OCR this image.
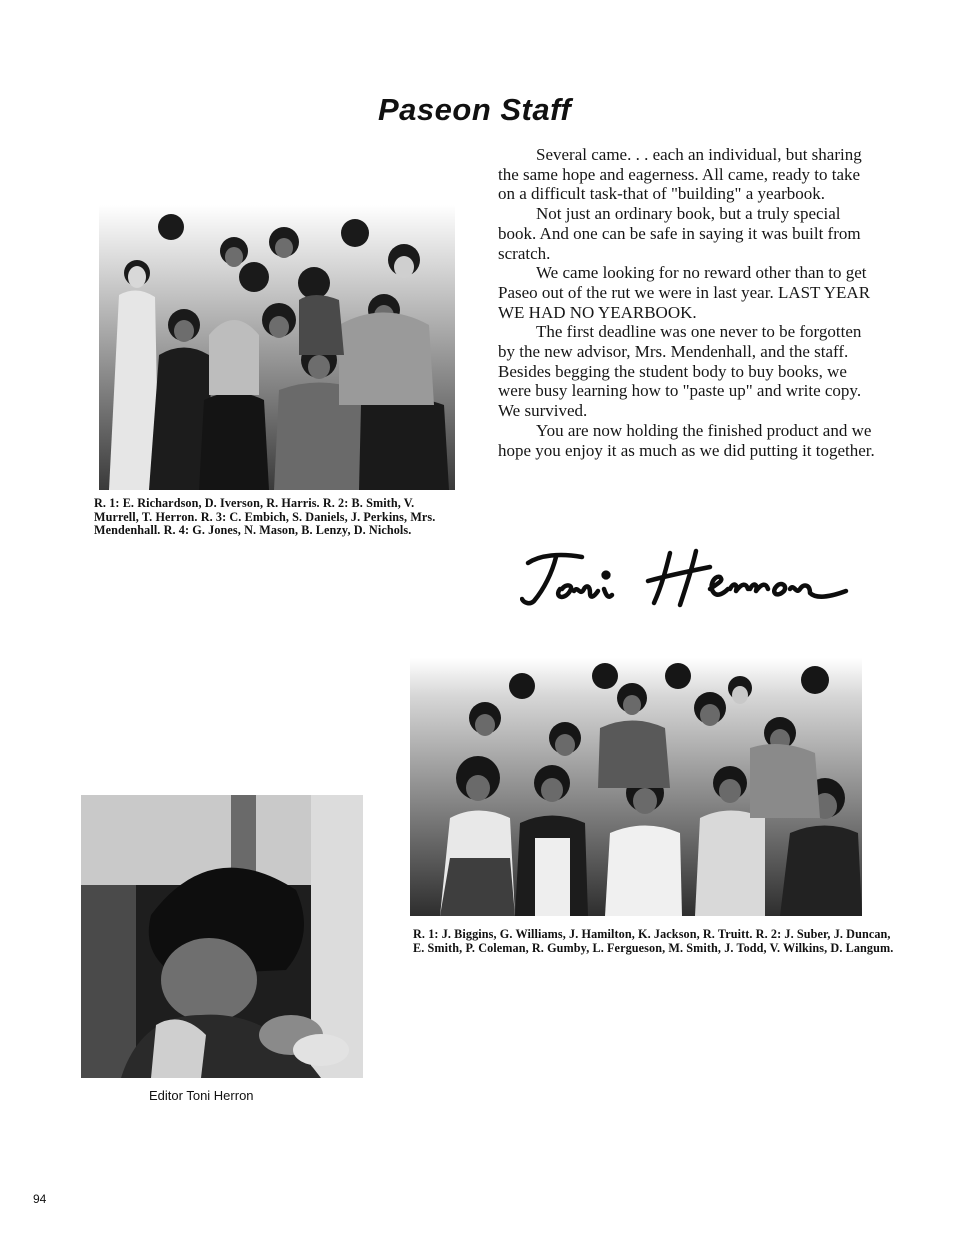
Paseon Staff

Several came. . . each an individual, but sharing the same hope and eagerness. All came, ready to take on a difficult task-that of "building" a yearbook.

Not just an ordinary book, but a truly special book. And one can be safe in saying it was built from scratch.

We came looking for no reward other than to get Paseo out of the rut we were in last year. LAST YEAR WE HAD NO YEARBOOK.

The first deadline was one never to be forgotten by the new advisor, Mrs. Mendenhall, and the staff. Besides begging the student body to buy books, we were busy learning how to "paste up" and write copy. We survived.

You are now holding the finished product and we hope you enjoy it as much as we did putting it together.

R. 1: E. Richardson, D. Iverson, R. Harris. R. 2: B. Smith, V. Murrell, T. Herron. R. 3: C. Embich, S. Daniels, J. Perkins, Mrs. Mendenhall. R. 4: G. Jones, N. Mason, B. Lenzy, D. Nichols.
R. 1: J. Biggins, G. Williams, J. Hamilton, K. Jackson, R. Truitt. R. 2: J. Suber, J. Duncan, E. Smith, P. Coleman, R. Gumby, L. Fergueson, M. Smith, J. Todd, V. Wilkins, D. Langum.
Editor Toni Herron
94
